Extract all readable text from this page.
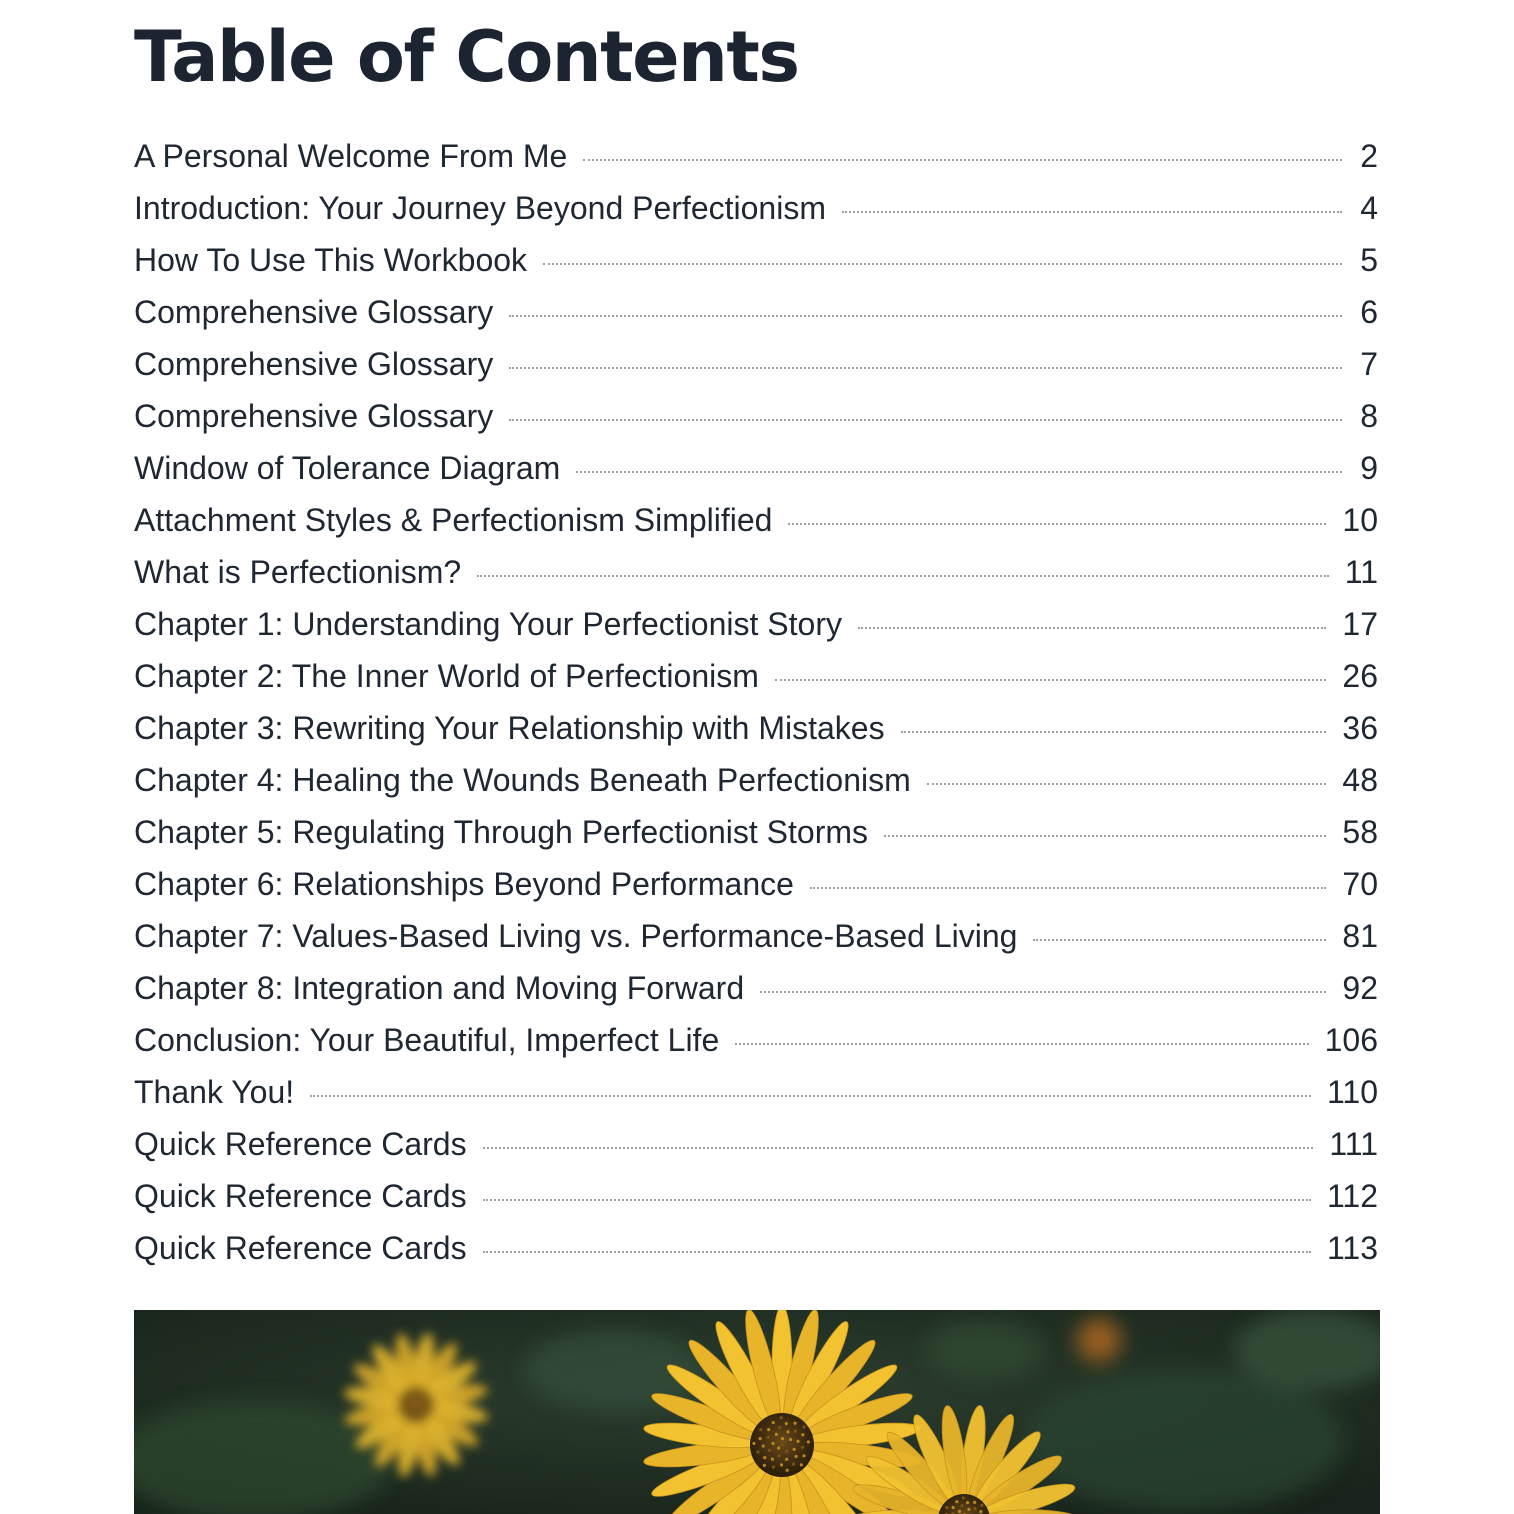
Table of Contents
A Personal Welcome From Me	2
Introduction: Your Journey Beyond Perfectionism	4
How To Use This Workbook	5
Comprehensive Glossary	6
Comprehensive Glossary	7
Comprehensive Glossary	8
Window of Tolerance Diagram	9
Attachment Styles & Perfectionism Simplified	10
What is Perfectionism?	11
Chapter 1: Understanding Your Perfectionist Story	17
Chapter 2: The Inner World of Perfectionism	26
Chapter 3: Rewriting Your Relationship with Mistakes	36
Chapter 4: Healing the Wounds Beneath Perfectionism	48
Chapter 5: Regulating Through Perfectionist Storms	58
Chapter 6: Relationships Beyond Performance	70
Chapter 7: Values-Based Living vs. Performance-Based Living	81
Chapter 8: Integration and Moving Forward	92
Conclusion: Your Beautiful, Imperfect Life	106
Thank You!	110
Quick Reference Cards	111
Quick Reference Cards	112
Quick Reference Cards	113
